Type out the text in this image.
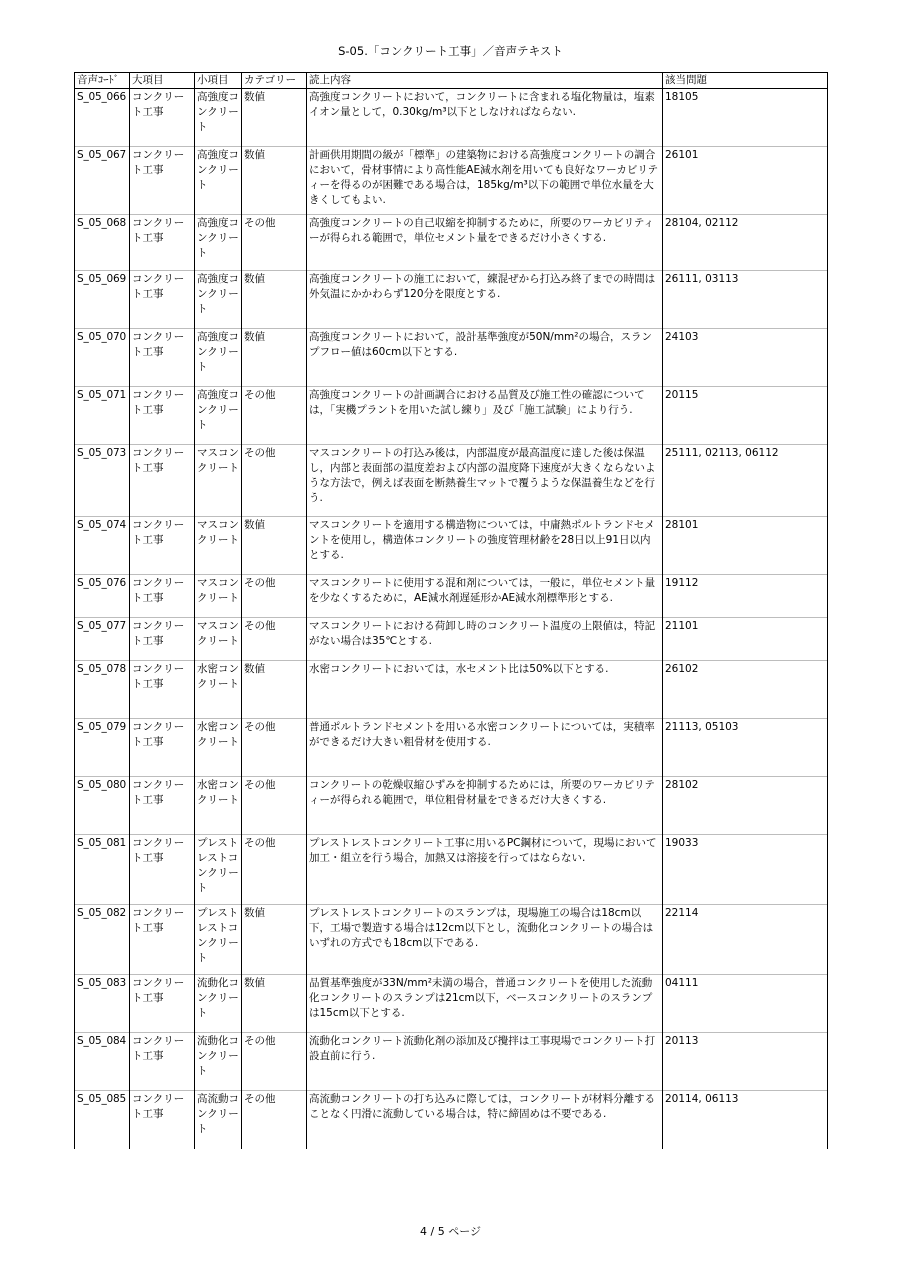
S-05.「コンクリート工事」／音声テキスト
音声ｺｰﾄﾞ	大項目	小項目	カテゴリー	読上内容	該当問題
S_05_066	コンクリート工事	高強度コンクリート	数値	高強度コンクリートにおいて，コンクリートに含まれる塩化物量は，塩素イオン量として，0.30kg/m³以下としなければならない.	18105
S_05_067	コンクリート工事	高強度コンクリート	数値	計画供用期間の級が「標準」の建築物における高強度コンクリートの調合において，骨材事情により高性能AE減水剤を用いても良好なワーカビリティーを得るのが困難である場合は，185kg/m³以下の範囲で単位水量を大きくしてもよい.	26101
S_05_068	コンクリート工事	高強度コンクリート	その他	高強度コンクリートの自己収縮を抑制するために，所要のワーカビリティーが得られる範囲で，単位セメント量をできるだけ小さくする.	28104, 02112
S_05_069	コンクリート工事	高強度コンクリート	数値	高強度コンクリートの施工において，練混ぜから打込み終了までの時間は外気温にかかわらず120分を限度とする.	26111, 03113
S_05_070	コンクリート工事	高強度コンクリート	数値	高強度コンクリートにおいて，設計基準強度が50N/mm²の場合，スランプフロー値は60cm以下とする.	24103
S_05_071	コンクリート工事	高強度コンクリート	その他	高強度コンクリートの計画調合における品質及び施工性の確認については，「実機プラントを用いた試し練り」及び「施工試験」により行う.	20115
S_05_073	コンクリート工事	マスコンクリート	その他	マスコンクリートの打込み後は，内部温度が最高温度に達した後は保温し，内部と表面部の温度差および内部の温度降下速度が大きくならないような方法で，例えば表面を断熱養生マットで覆うような保温養生などを行う.	25111, 02113, 06112
S_05_074	コンクリート工事	マスコンクリート	数値	マスコンクリートを適用する構造物については，中庸熱ポルトランドセメントを使用し，構造体コンクリートの強度管理材齢を28日以上91日以内とする.	28101
S_05_076	コンクリート工事	マスコンクリート	その他	マスコンクリートに使用する混和剤については，一般に，単位セメント量を少なくするために，AE減水剤遅延形かAE減水剤標準形とする.	19112
S_05_077	コンクリート工事	マスコンクリート	その他	マスコンクリートにおける荷卸し時のコンクリート温度の上限値は，特記がない場合は35℃とする.	21101
S_05_078	コンクリート工事	水密コンクリート	数値	水密コンクリートにおいては，水セメント比は50%以下とする.	26102
S_05_079	コンクリート工事	水密コンクリート	その他	普通ポルトランドセメントを用いる水密コンクリートについては，実積率ができるだけ大きい粗骨材を使用する.	21113, 05103
S_05_080	コンクリート工事	水密コンクリート	その他	コンクリートの乾燥収縮ひずみを抑制するためには，所要のワーカビリティーが得られる範囲で，単位粗骨材量をできるだけ大きくする.	28102
S_05_081	コンクリート工事	プレストレストコンクリート	その他	プレストレストコンクリート工事に用いるPC鋼材について，現場において加工・組立を行う場合，加熱又は溶接を行ってはならない.	19033
S_05_082	コンクリート工事	プレストレストコンクリート	数値	プレストレストコンクリートのスランプは，現場施工の場合は18cm以下，工場で製造する場合は12cm以下とし，流動化コンクリートの場合はいずれの方式でも18cm以下である.	22114
S_05_083	コンクリート工事	流動化コンクリート	数値	品質基準強度が33N/mm²未満の場合，普通コンクリートを使用した流動化コンクリートのスランプは21cm以下，ベースコンクリートのスランプは15cm以下とする.	04111
S_05_084	コンクリート工事	流動化コンクリート	その他	流動化コンクリート流動化剤の添加及び攪拌は工事現場でコンクリート打設直前に行う.	20113
S_05_085	コンクリート工事	高流動コンクリート	その他	高流動コンクリートの打ち込みに際しては，コンクリートが材料分離することなく円滑に流動している場合は，特に締固めは不要である.	20114, 06113
4 / 5 ページ
